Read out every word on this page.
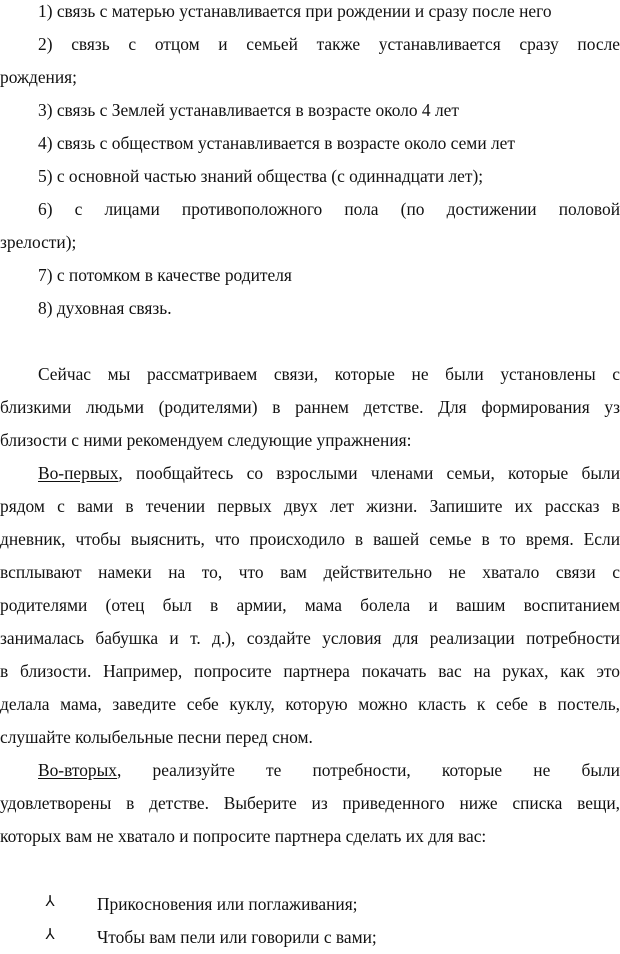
1) связь с матерью устанавливается при рождении и сразу после него
2) связь с отцом и семьей также устанавливается сразу после
рождения;
3) связь с Землей устанавливается в возрасте около 4 лет
4) связь с обществом устанавливается в возрасте около семи лет
5) с основной частью знаний общества (с одиннадцати лет);
6) с лицами противоположного пола (по достижении половой
зрелости);
7) с потомком в качестве родителя
8) духовная связь.
Сейчас мы рассматриваем связи, которые не были установлены с
близкими людьми (родителями) в раннем детстве. Для формирования уз
близости с ними рекомендуем следующие упражнения:
Во-первых, пообщайтесь со взрослыми членами семьи, которые были
рядом с вами в течении первых двух лет жизни. Запишите их рассказ в
дневник, чтобы выяснить, что происходило в вашей семье в то время. Если
всплывают намеки на то, что вам действительно не хватало связи с
родителями (отец был в армии, мама болела и вашим воспитанием
занималась бабушка и т. д.), создайте условия для реализации потребности
в близости. Например, попросите партнера покачать вас на руках, как это
делала мама, заведите себе куклу, которую можно класть к себе в постель,
слушайте колыбельные песни перед сном.
Во-вторых, реализуйте те потребности, которые не были
удовлетворены в детстве. Выберите из приведенного ниже списка вещи,
которых вам не хватало и попросите партнера сделать их для вас:
⅄ Прикосновения или поглаживания;
⅄ Чтобы вам пели или говорили с вами;
